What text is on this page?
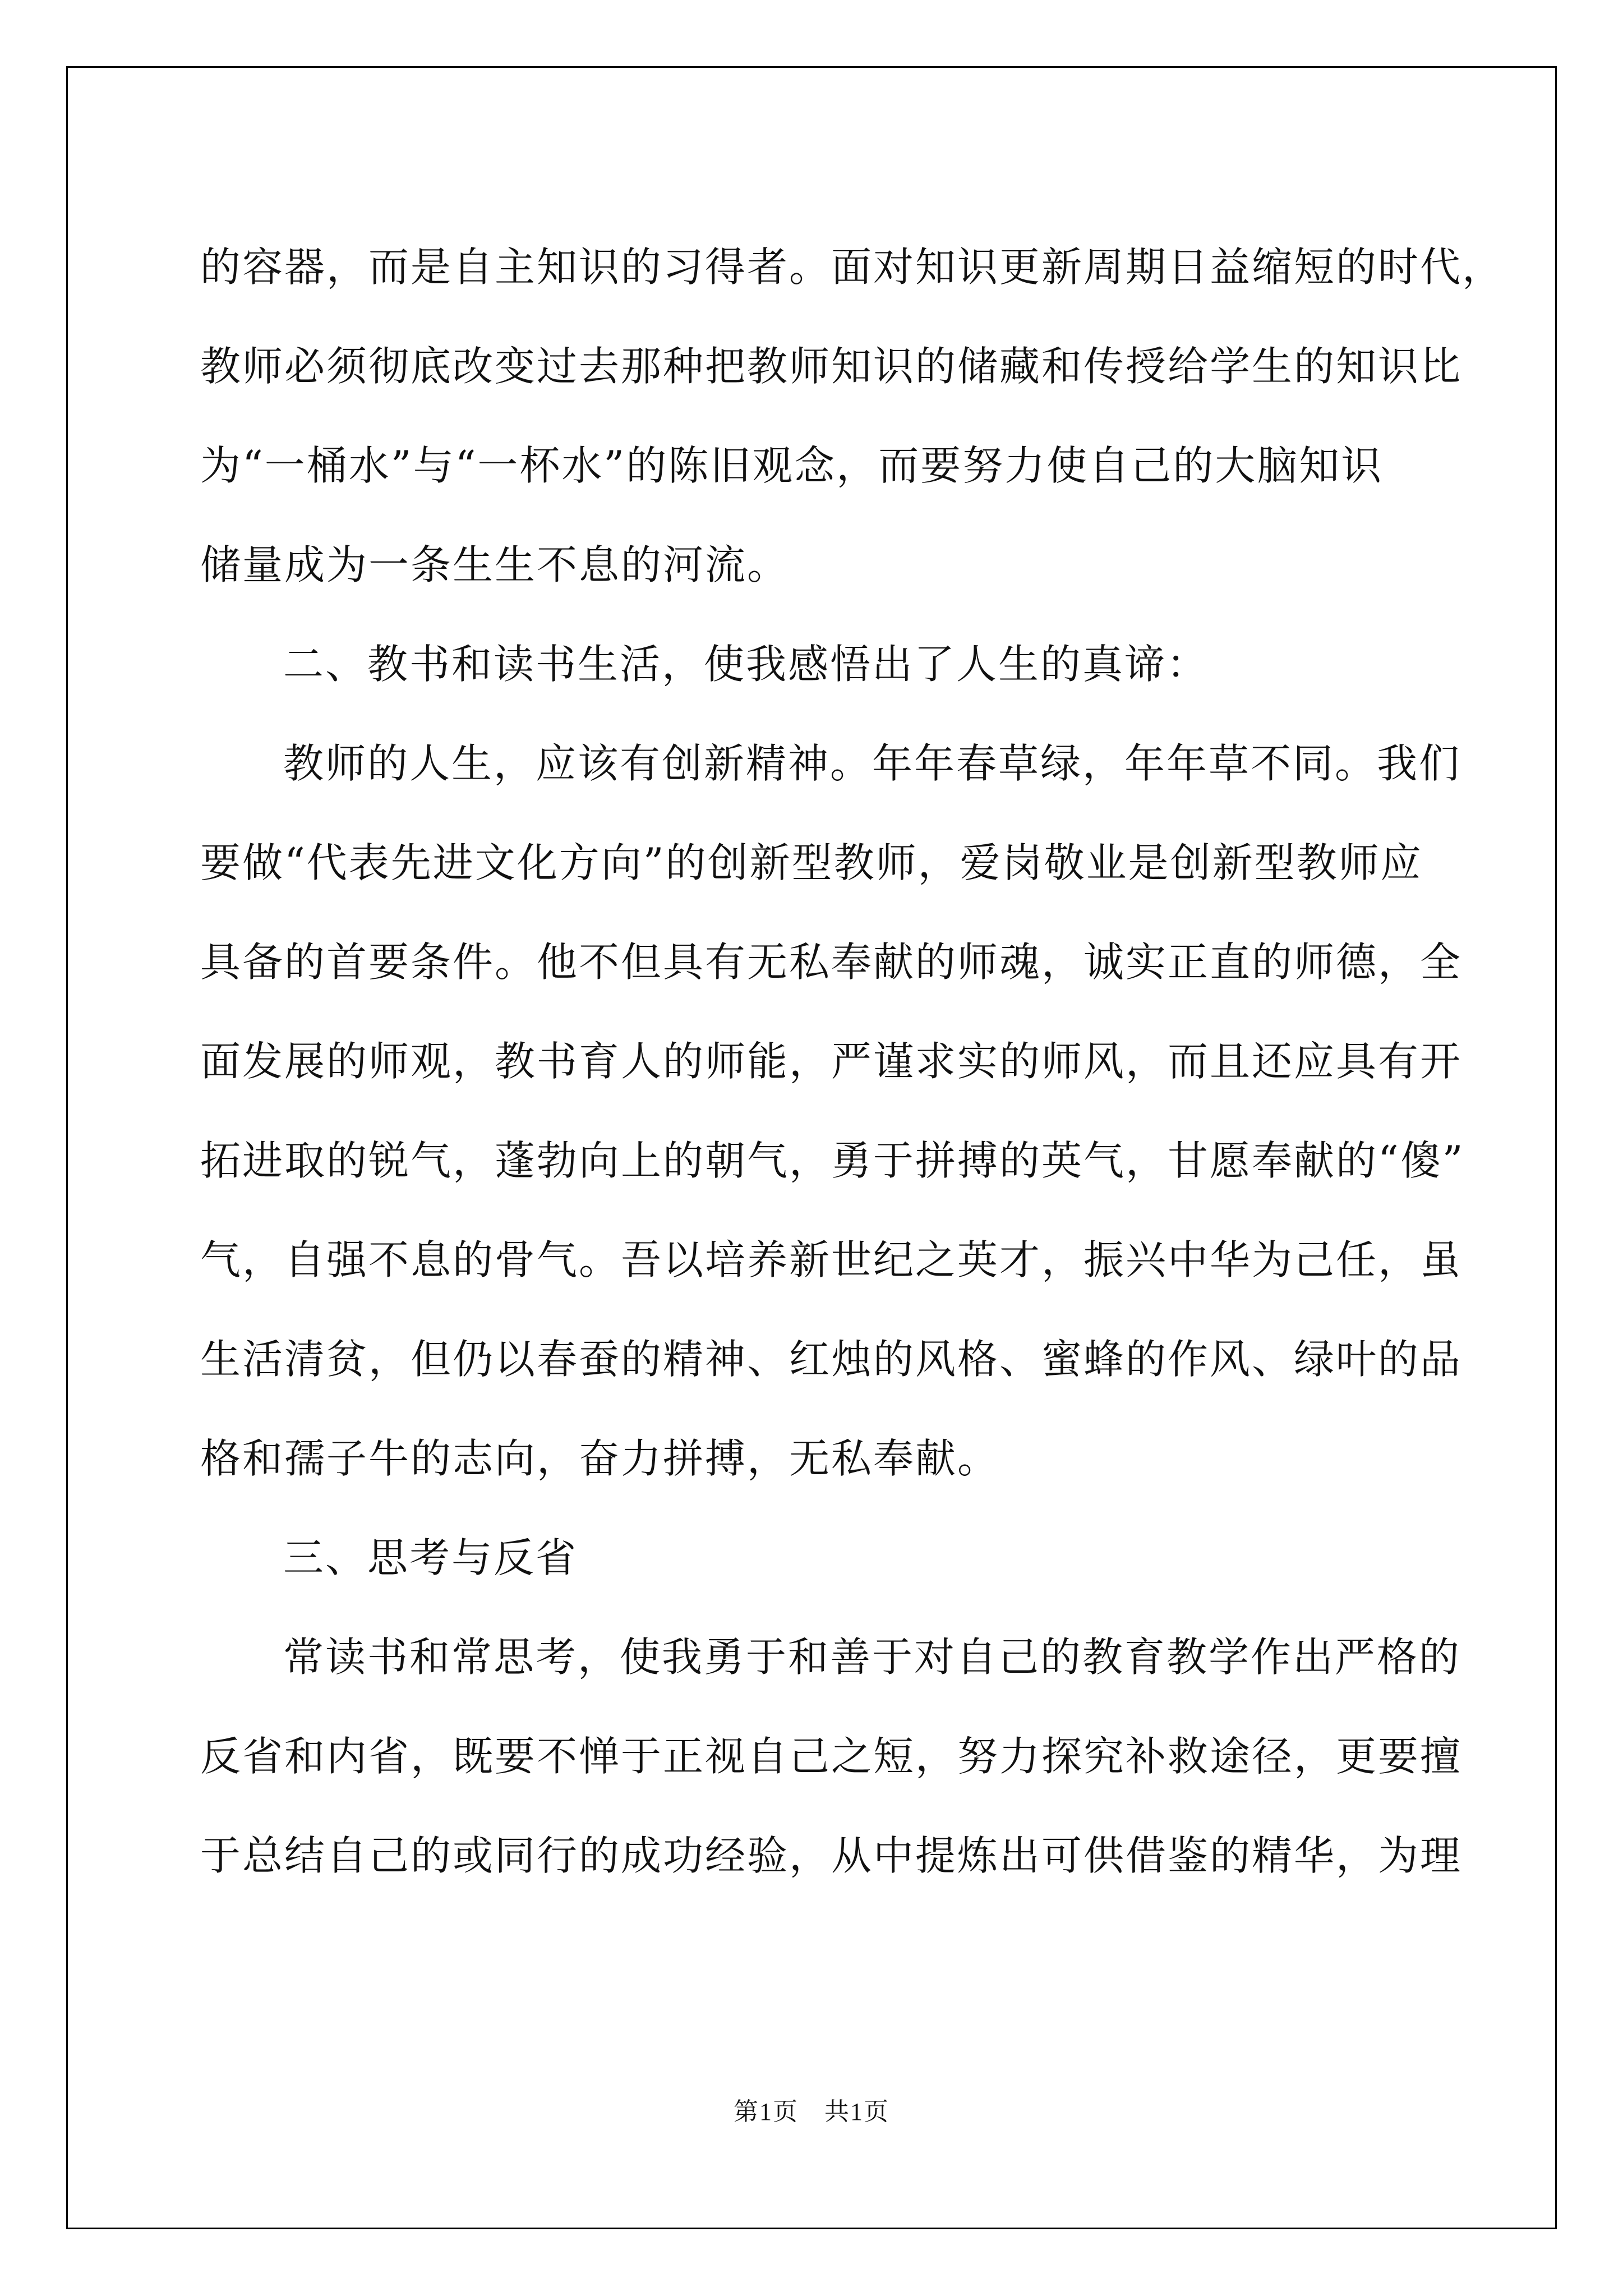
的容器，而是自主知识的习得者。面对知识更新周期日益缩短的时代，
教师必须彻底改变过去那种把教师知识的储藏和传授给学生的知识比
为“一桶水”与“一杯水”的陈旧观念，而要努力使自己的大脑知识
储量成为一条生生不息的河流。
二、教书和读书生活，使我感悟出了人生的真谛：
教师的人生，应该有创新精神。年年春草绿，年年草不同。我们
要做“代表先进文化方向”的创新型教师，爱岗敬业是创新型教师应
具备的首要条件。他不但具有无私奉献的师魂，诚实正直的师德，全
面发展的师观，教书育人的师能，严谨求实的师风，而且还应具有开
拓进取的锐气，蓬勃向上的朝气，勇于拼搏的英气，甘愿奉献的“傻”
气，自强不息的骨气。吾以培养新世纪之英才，振兴中华为己任，虽
生活清贫，但仍以春蚕的精神、红烛的风格、蜜蜂的作风、绿叶的品
格和孺子牛的志向，奋力拼搏，无私奉献。
三、思考与反省
常读书和常思考，使我勇于和善于对自己的教育教学作出严格的
反省和内省，既要不惮于正视自己之短，努力探究补救途径，更要擅
于总结自己的或同行的成功经验，从中提炼出可供借鉴的精华，为理
第1页　共1页
